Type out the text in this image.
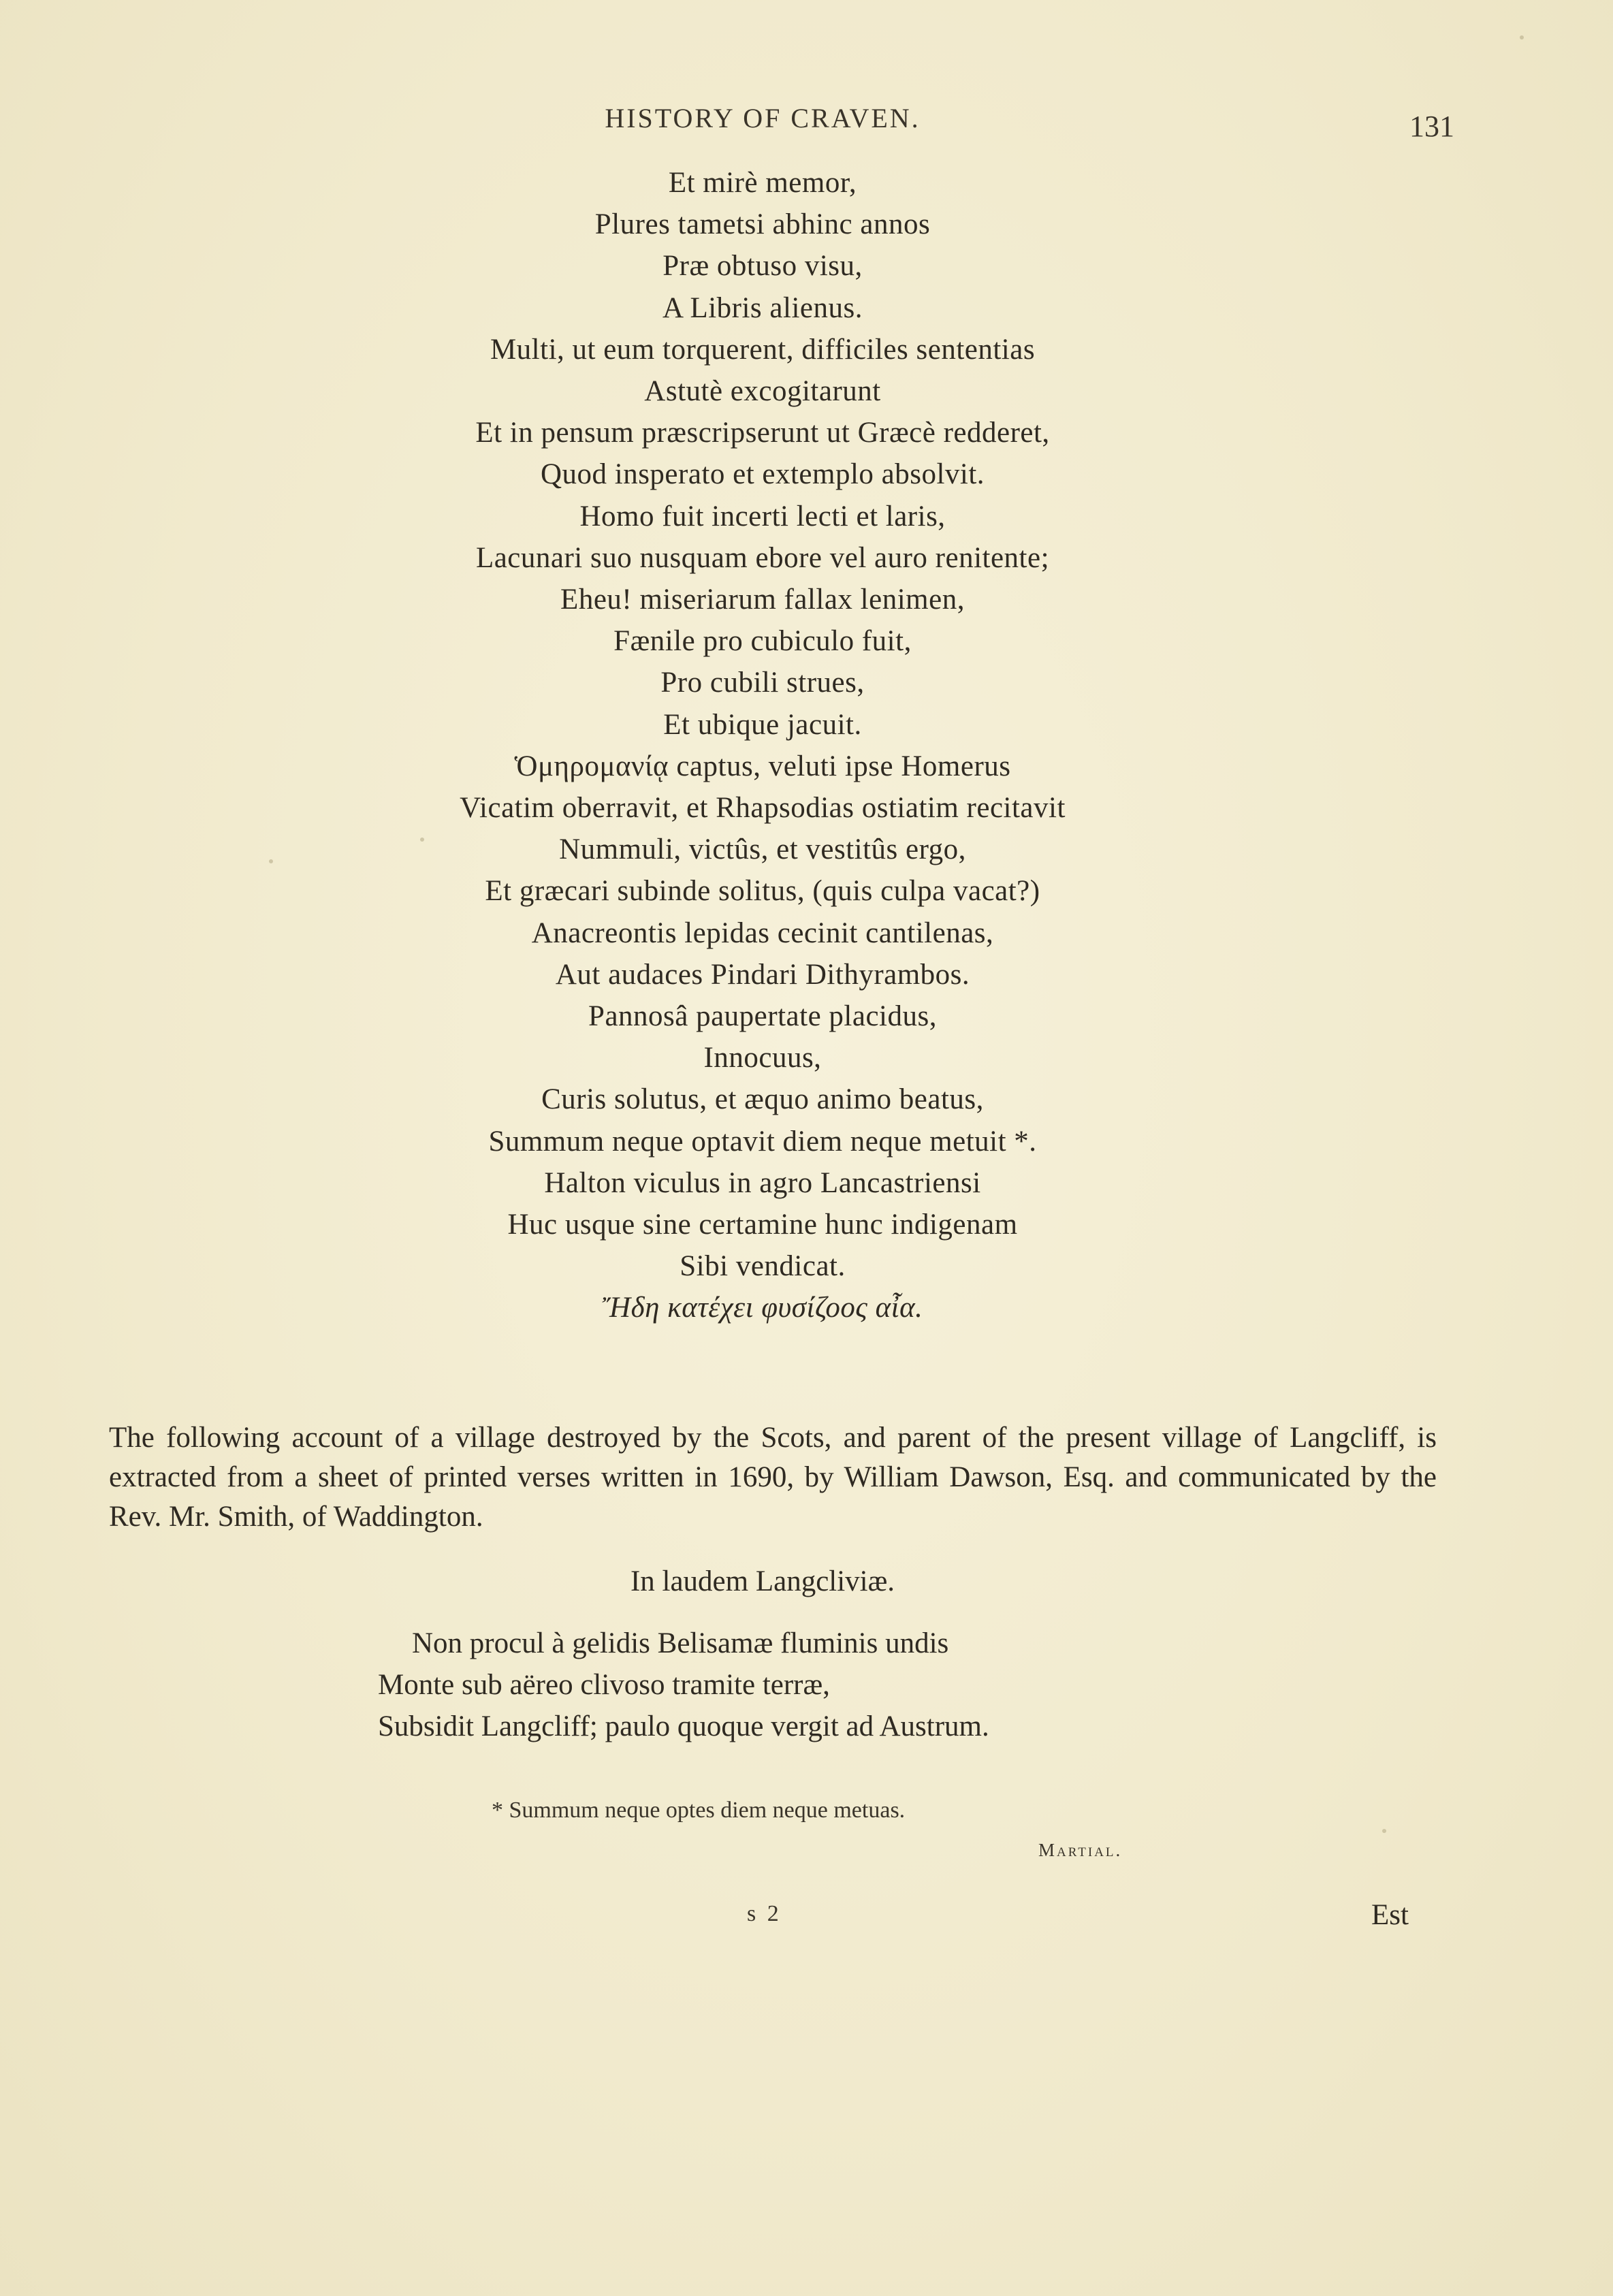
HISTORY OF CRAVEN.	131
Et mirè memor,
Plures tametsi abhinc annos
Præ obtuso visu,
A Libris alienus.
Multi, ut eum torquerent, difficiles sententias
Astutè excogitarunt
Et in pensum præscripserunt ut Græcè redderet,
Quod insperato et extemplo absolvit.
Homo fuit incerti lecti et laris,
Lacunari suo nusquam ebore vel auro renitente;
Eheu! miseriarum fallax lenimen,
Fænile pro cubiculo fuit,
Pro cubili strues,
Et ubique jacuit.
Ὁμηρομανίᾳ captus, veluti ipse Homerus
Vicatim oberravit, et Rhapsodias ostiatim recitavit
Nummuli, victûs, et vestitûs ergo,
Et græcari subinde solitus, (quis culpa vacat?)
Anacreontis lepidas cecinit cantilenas,
Aut audaces Pindari Dithyrambos.
Pannosâ paupertate placidus,
Innocuus,
Curis solutus, et æquo animo beatus,
Summum neque optavit diem neque metuit *.
Halton viculus in agro Lancastriensi
Huc usque sine certamine hunc indigenam
Sibi vendicat.
Ἤδη κατέχει φυσίζοος αἶα.
The following account of a village destroyed by the Scots, and parent of the present village of Langcliff, is extracted from a sheet of printed verses written in 1690, by William Dawson, Esq. and communicated by the Rev. Mr. Smith, of Waddington.
In laudem Langcliviæ.
Non procul à gelidis Belisamæ fluminis undis
Monte sub aëreo clivoso tramite terræ,
Subsidit Langcliff; paulo quoque vergit ad Austrum.
* Summum neque optes diem neque metuas.
Martial.
s 2	Est
